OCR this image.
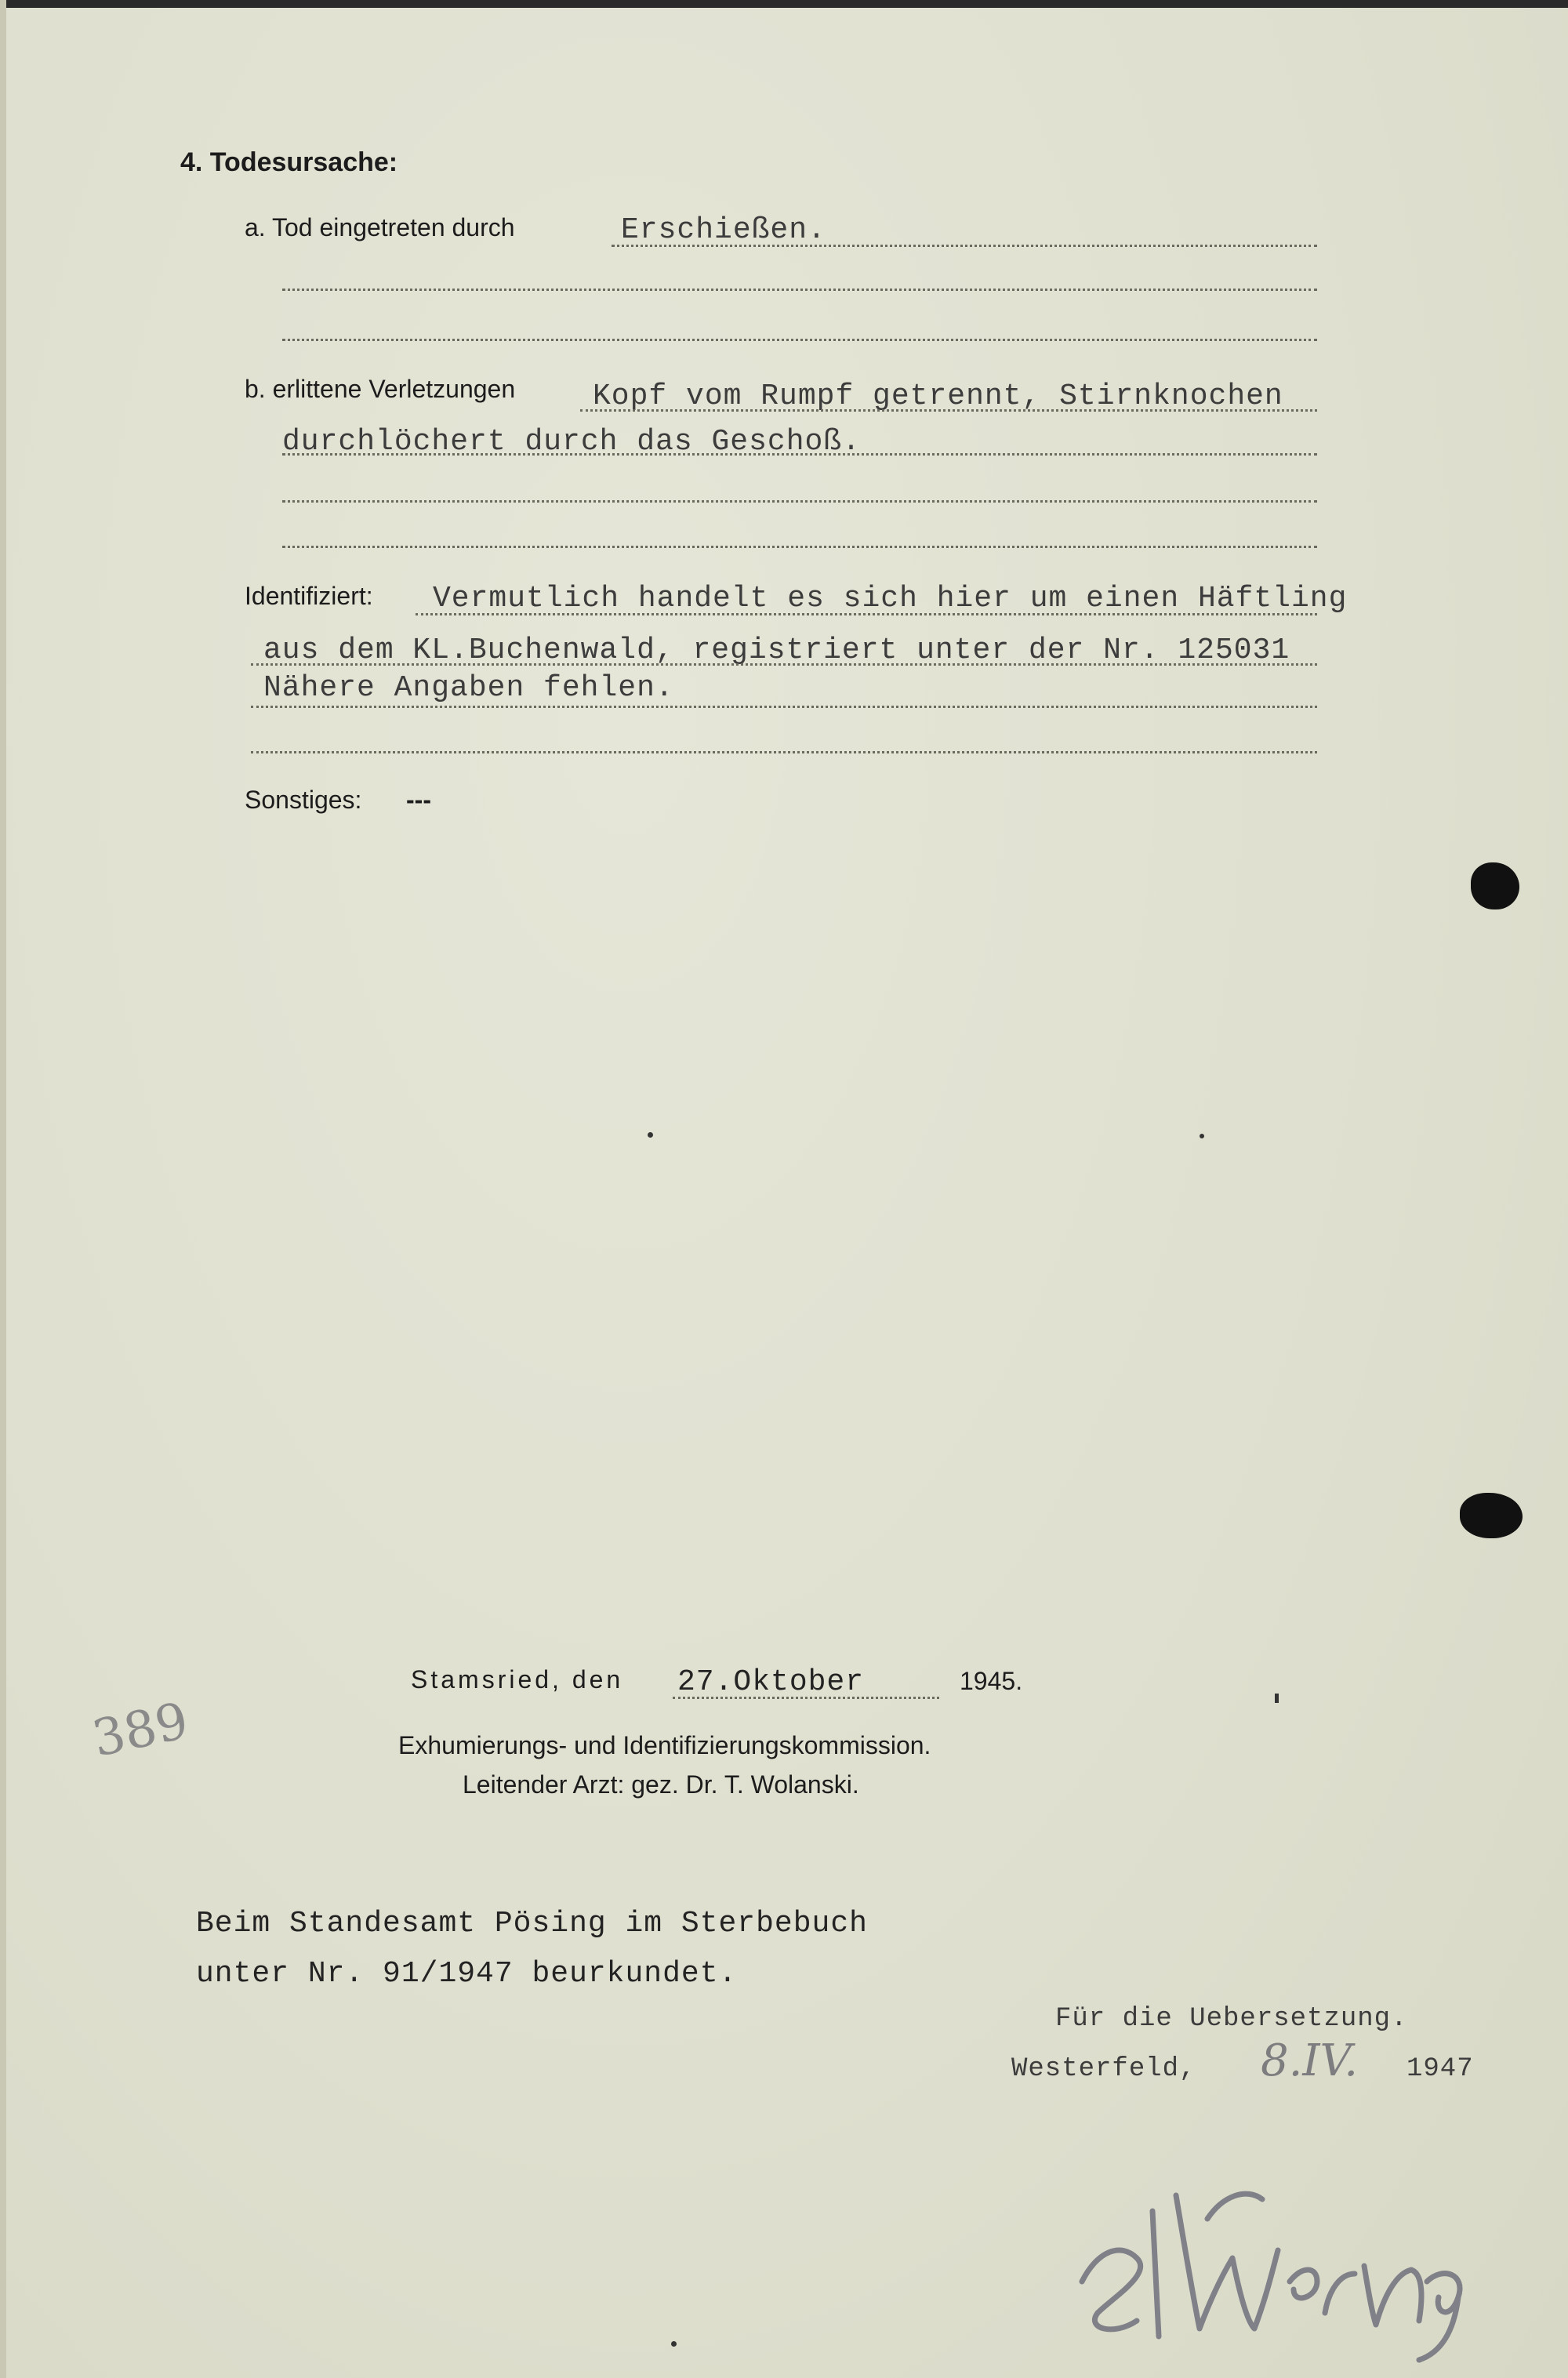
4. Todesursache:
a. Tod eingetreten durch	Erschießen.
b. erlittene Verletzungen	Kopf vom Rumpf getrennt, Stirnknochen
durchlöchert durch das Geschoß.
Identifiziert: Vermutlich handelt es sich hier um einen Häftling
aus dem KL.Buchenwald, registriert unter der Nr. 125031
Nähere Angaben fehlen.
Sonstiges: ---
Stamsried, den 27.Oktober	1945.
Exhumierungs- und Identifizierungskommission.
Leitender Arzt: gez. Dr. T. Wolanski.
389
Beim Standesamt Pösing im Sterbebuch
unter Nr. 91/1947 beurkundet.
Für die Uebersetzung.
Westerfeld, 8.IV. 1947
